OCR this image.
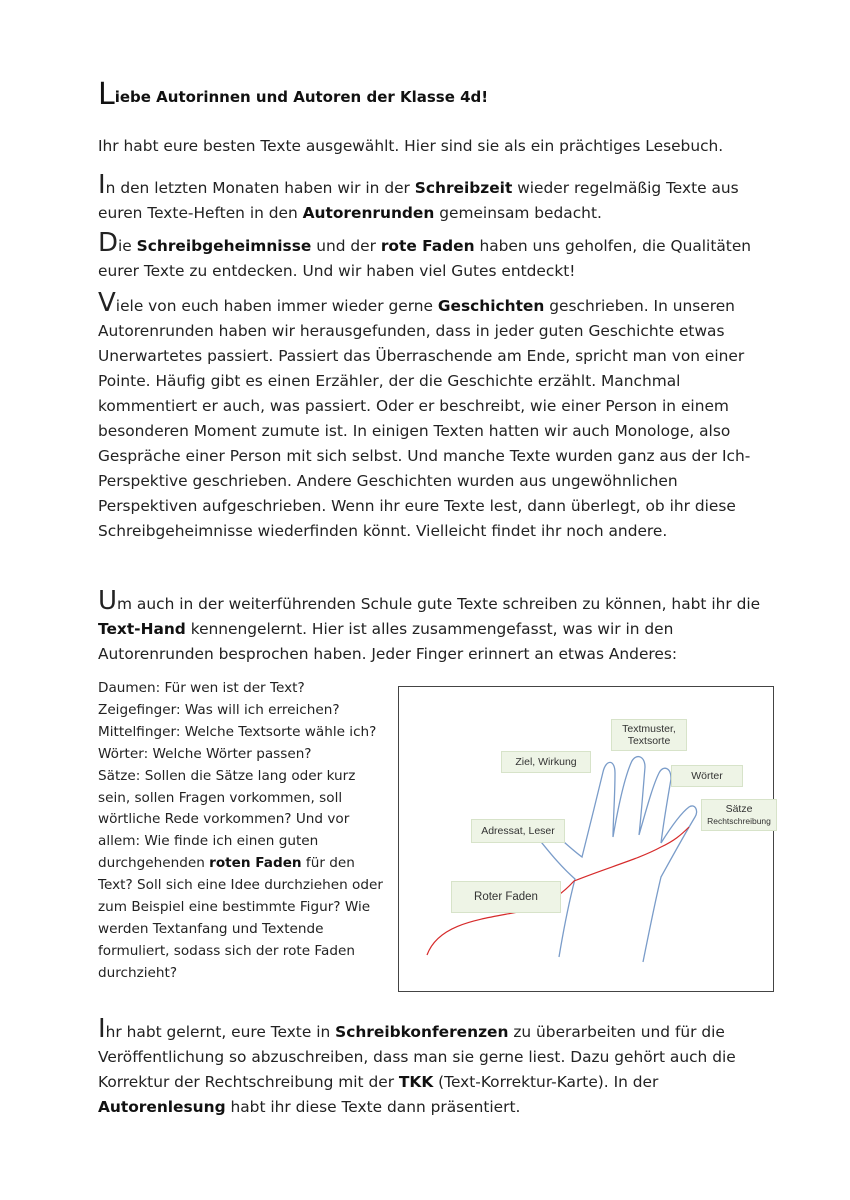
Liebe Autorinnen und Autoren der Klasse 4d!

Ihr habt eure besten Texte ausgewählt. Hier sind sie als ein prächtiges Lesebuch.

In den letzten Monaten haben wir in der Schreibzeit wieder regelmäßig Texte aus euren Texte-Heften in den Autorenrunden gemeinsam bedacht.

Die Schreibgeheimnisse und der rote Faden haben uns geholfen, die Qualitäten eurer Texte zu entdecken. Und wir haben viel Gutes entdeckt!

Viele von euch haben immer wieder gerne Geschichten geschrieben. In unseren Autorenrunden haben wir herausgefunden, dass in jeder guten Geschichte etwas Unerwartetes passiert. Passiert das Überraschende am Ende, spricht man von einer Pointe. Häufig gibt es einen Erzähler, der die Geschichte erzählt. Manchmal kommentiert er auch, was passiert. Oder er beschreibt, wie einer Person in einem besonderen Moment zumute ist. In einigen Texten hatten wir auch Monologe, also Gespräche einer Person mit sich selbst. Und manche Texte wurden ganz aus der Ich-Perspektive geschrieben. Andere Geschichten wurden aus ungewöhnlichen Perspektiven aufgeschrieben. Wenn ihr eure Texte lest, dann überlegt, ob ihr diese Schreibgeheimnisse wiederfinden könnt. Vielleicht findet ihr noch andere.

Um auch in der weiterführenden Schule gute Texte schreiben zu können, habt ihr die Text-Hand kennengelernt. Hier ist alles zusammengefasst, was wir in den Autorenrunden besprochen haben. Jeder Finger erinnert an etwas Anderes:

Daumen: Für wen ist der Text?
Zeigefinger: Was will ich erreichen?
Mittelfinger: Welche Textsorte wähle ich?
Wörter: Welche Wörter passen?
Sätze: Sollen die Sätze lang oder kurz sein, sollen Fragen vorkommen, soll wörtliche Rede vorkommen? Und vor allem: Wie finde ich einen guten durchgehenden roten Faden für den Text? Soll sich eine Idee durchziehen oder zum Beispiel eine bestimmte Figur? Wie werden Textanfang und Textende formuliert, sodass sich der rote Faden durchzieht?
Textmuster,
Textsorte
Ziel, Wirkung
Wörter
Sätze
Rechtschreibung
Adressat, Leser
Roter Faden

Ihr habt gelernt, eure Texte in Schreibkonferenzen zu überarbeiten und für die Veröffentlichung so abzuschreiben, dass man sie gerne liest. Dazu gehört auch die Korrektur der Rechtschreibung mit der TKK (Text-Korrektur-Karte). In der Autorenlesung habt ihr diese Texte dann präsentiert.
